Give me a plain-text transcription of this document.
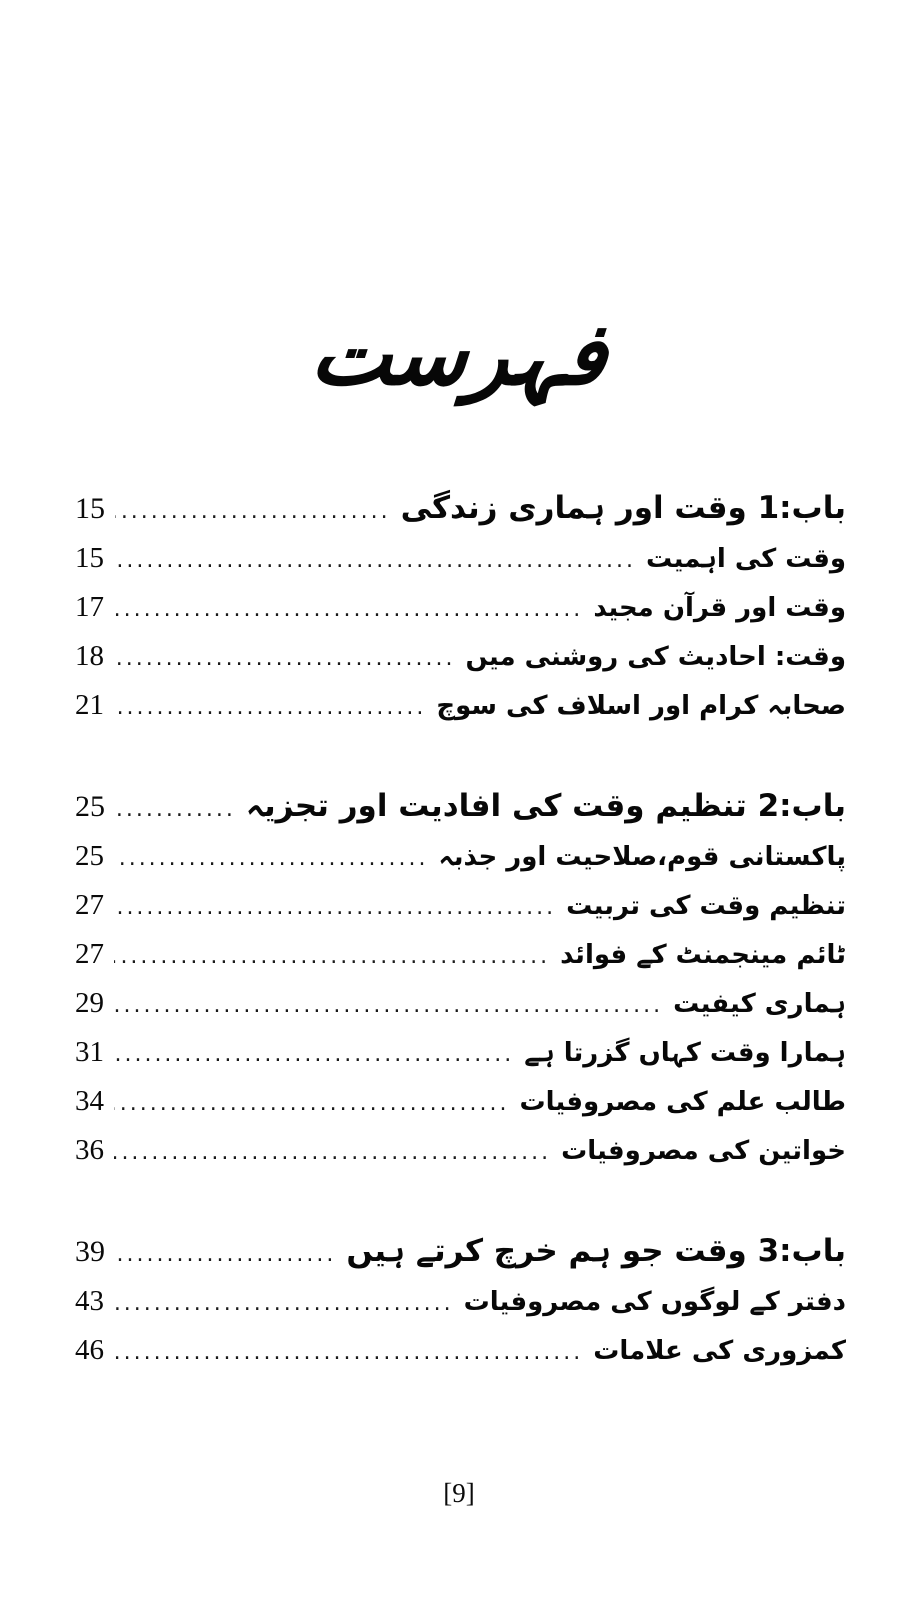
فہرست
باب:1 وقت اور ہماری زندگی
.....
15
وقت کی اہمیت
.....
15
وقت اور قرآن مجید
.....
17
وقت: احادیث کی روشنی میں
.....
18
صحابہ کرام اور اسلاف کی سوچ
.....
21
باب:2 تنظیم وقت کی افادیت اور تجزیہ
.....
25
پاکستانی قوم،صلاحیت اور جذبہ
.....
25
تنظیم وقت کی تربیت
.....
27
ٹائم مینجمنٹ کے فوائد
.....
27
ہماری کیفیت
.....
29
ہمارا وقت کہاں گزرتا ہے
.....
31
طالب علم کی مصروفیات
.....
34
خواتین کی مصروفیات
.....
36
باب:3 وقت جو ہم خرچ کرتے ہیں
.....
39
دفتر کے لوگوں کی مصروفیات
.....
43
کمزوری کی علامات
.....
46
[9]
